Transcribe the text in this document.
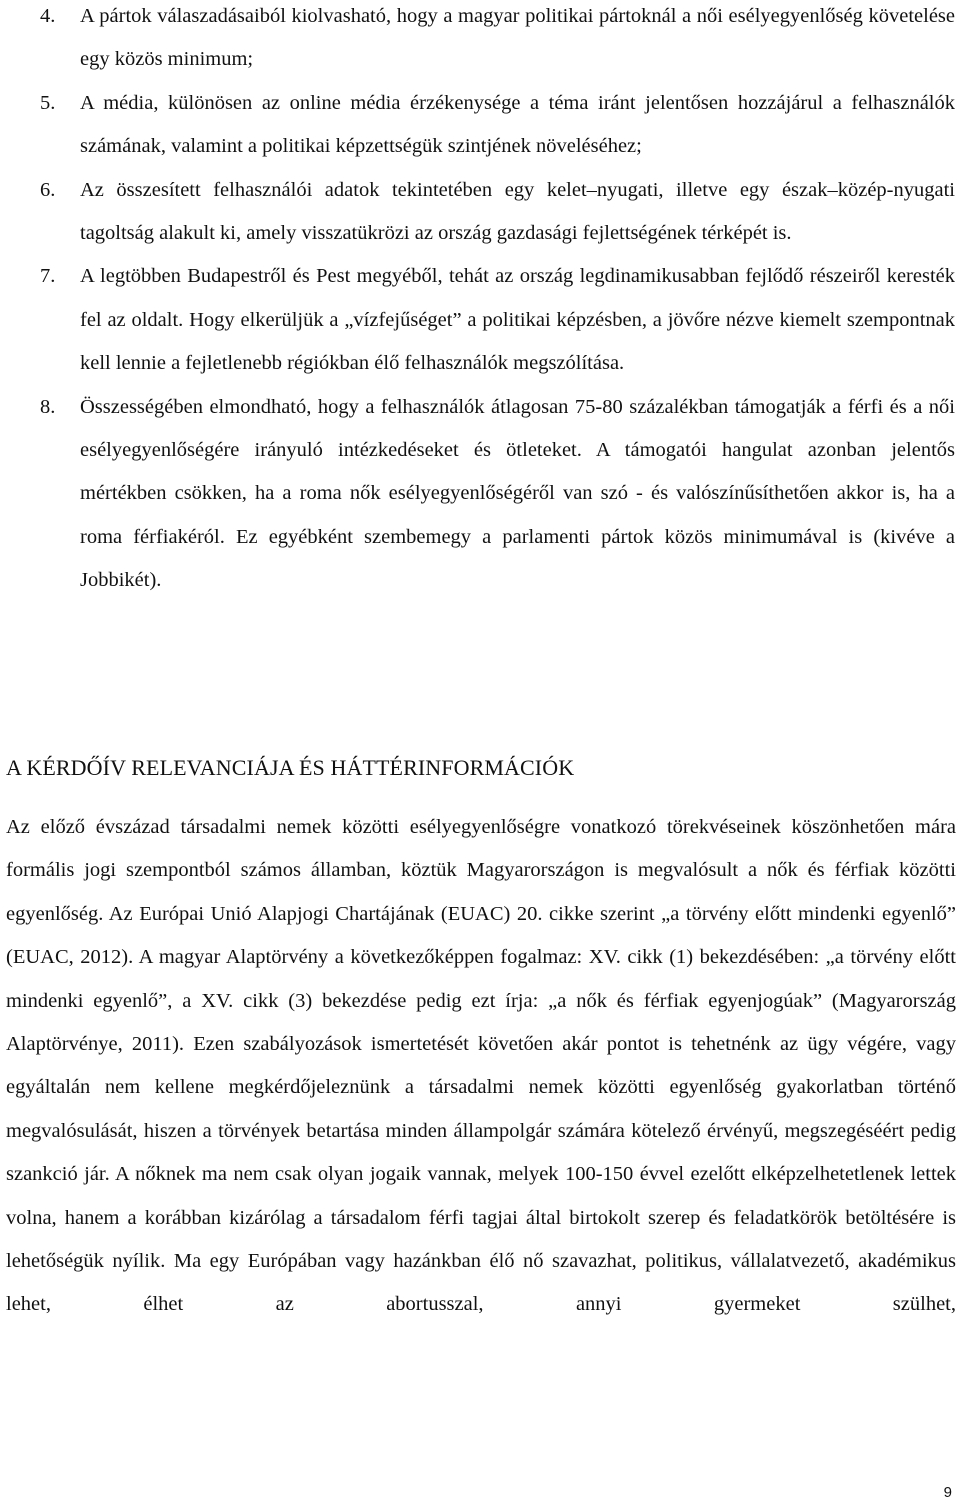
4. A pártok válaszadásaiból kiolvasható, hogy a magyar politikai pártoknál a női esélyegyenlőség követelése egy közös minimum;
5. A média, különösen az online média érzékenysége a téma iránt jelentősen hozzájárul a felhasználók számának, valamint a politikai képzettségük szintjének növeléséhez;
6. Az összesített felhasználói adatok tekintetében egy kelet–nyugati, illetve egy észak–közép-nyugati tagoltság alakult ki, amely visszatükrözi az ország gazdasági fejlettségének térképét is.
7. A legtöbben Budapestről és Pest megyéből, tehát az ország legdinamikusabban fejlődő részeiről keresték fel az oldalt. Hogy elkerüljük a „vízfejűséget” a politikai képzésben, a jövőre nézve kiemelt szempontnak kell lennie a fejletlenebb régiókban élő felhasználók megszólítása.
8. Összességében elmondható, hogy a felhasználók átlagosan 75-80 százalékban támogatják a férfi és a női esélyegyenlőségére irányuló intézkedéseket és ötleteket. A támogatói hangulat azonban jelentős mértékben csökken, ha a roma nők esélyegyenlőségéről van szó - és valószínűsíthetően akkor is, ha a roma férfiakéról. Ez egyébként szembemegy a parlamenti pártok közös minimumával is (kivéve a Jobbikét).
A KÉRDŐÍV RELEVANCIÁJA ÉS HÁTTÉRINFORMÁCIÓK

Az előző évszázad társadalmi nemek közötti esélyegyenlőségre vonatkozó törekvéseinek köszönhetően mára formális jogi szempontból számos államban, köztük Magyarországon is megvalósult a nők és férfiak közötti egyenlőség. Az Európai Unió Alapjogi Chartájának (EUAC) 20. cikke szerint „a törvény előtt mindenki egyenlő” (EUAC, 2012). A magyar Alaptörvény a következőképpen fogalmaz: XV. cikk (1) bekezdésében: „a törvény előtt mindenki egyenlő”, a XV. cikk (3) bekezdése pedig ezt írja: „a nők és férfiak egyenjogúak” (Magyarország Alaptörvénye, 2011). Ezen szabályozások ismertetését követően akár pontot is tehetnénk az ügy végére, vagy egyáltalán nem kellene megkérdőjeleznünk a társadalmi nemek közötti egyenlőség gyakorlatban történő megvalósulását, hiszen a törvények betartása minden állampolgár számára kötelező érvényű, megszegéséért pedig szankció jár. A nőknek ma nem csak olyan jogaik vannak, melyek 100-150 évvel ezelőtt elképzelhetetlenek lettek volna, hanem a korábban kizárólag a társadalom férfi tagjai által birtokolt szerep és feladatkörök betöltésére is lehetőségük nyílik. Ma egy Európában vagy hazánkban élő nő szavazhat, politikus, vállalatvezető, akadémikus lehet, élhet az abortusszal, annyi gyermeket szülhet,

9
